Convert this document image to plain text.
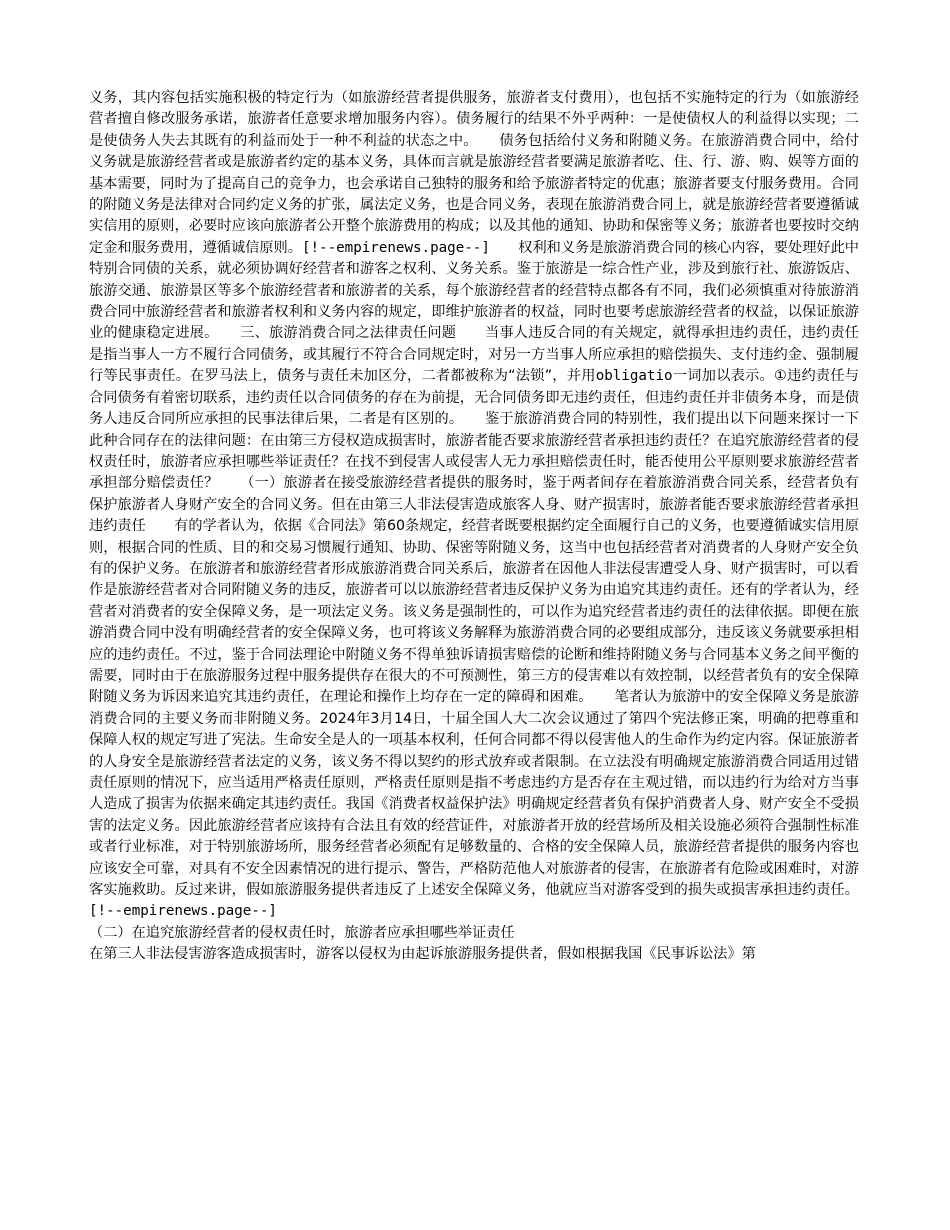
义务，其内容包括实施积极的特定行为（如旅游经营者提供服务，旅游者支付费用），也包括不实施特定的行为（如旅游经营者擅自修改服务承诺，旅游者任意要求增加服务内容）。债务履行的结果不外乎两种：一是使债权人的利益得以实现；二是使债务人失去其既有的利益而处于一种不利益的状态之中。　　债务包括给付义务和附随义务。在旅游消费合同中，给付义务就是旅游经营者或是旅游者约定的基本义务，具体而言就是旅游经营者要满足旅游者吃、住、行、游、购、娱等方面的基本需要，同时为了提高自己的竞争力，也会承诺自己独特的服务和给予旅游者特定的优惠；旅游者要支付服务费用。合同的附随义务是法律对合同约定义务的扩张，属法定义务，也是合同义务，表现在旅游消费合同上，就是旅游经营者要遵循诚实信用的原则，必要时应该向旅游者公开整个旅游费用的构成；以及其他的通知、协助和保密等义务；旅游者也要按时交纳定金和服务费用，遵循诚信原则。[!--empirenews.page--]　　权利和义务是旅游消费合同的核心内容，要处理好此中特别合同债的关系，就必须协调好经营者和游客之权利、义务关系。鉴于旅游是一综合性产业，涉及到旅行社、旅游饭店、旅游交通、旅游景区等多个旅游经营者和旅游者的关系，每个旅游经营者的经营特点都各有不同，我们必须慎重对待旅游消费合同中旅游经营者和旅游者权利和义务内容的规定，即维护旅游者的权益，同时也要考虑旅游经营者的权益，以保证旅游业的健康稳定进展。　　三、旅游消费合同之法律责任问题　　当事人违反合同的有关规定，就得承担违约责任，违约责任是指当事人一方不履行合同债务，或其履行不符合合同规定时，对另一方当事人所应承担的赔偿损失、支付违约金、强制履行等民事责任。在罗马法上，债务与责任未加区分，二者都被称为“法锁”，并用obligatio一词加以表示。①违约责任与合同债务有着密切联系，违约责任以合同债务的存在为前提，无合同债务即无违约责任，但违约责任并非债务本身，而是债务人违反合同所应承担的民事法律后果，二者是有区别的。　　鉴于旅游消费合同的特别性，我们提出以下问题来探讨一下此种合同存在的法律问题：在由第三方侵权造成损害时，旅游者能否要求旅游经营者承担违约责任？在追究旅游经营者的侵权责任时，旅游者应承担哪些举证责任？在找不到侵害人或侵害人无力承担赔偿责任时，能否使用公平原则要求旅游经营者承担部分赔偿责任？　　（一）旅游者在接受旅游经营者提供的服务时，鉴于两者间存在着旅游消费合同关系，经营者负有保护旅游者人身财产安全的合同义务。但在由第三人非法侵害造成旅客人身、财产损害时，旅游者能否要求旅游经营者承担违约责任　　有的学者认为，依据《合同法》第60条规定，经营者既要根据约定全面履行自己的义务，也要遵循诚实信用原则，根据合同的性质、目的和交易习惯履行通知、协助、保密等附随义务，这当中也包括经营者对消费者的人身财产安全负有的保护义务。在旅游者和旅游经营者形成旅游消费合同关系后，旅游者在因他人非法侵害遭受人身、财产损害时，可以看作是旅游经营者对合同附随义务的违反，旅游者可以以旅游经营者违反保护义务为由追究其违约责任。还有的学者认为，经营者对消费者的安全保障义务，是一项法定义务。该义务是强制性的，可以作为追究经营者违约责任的法律依据。即便在旅游消费合同中没有明确经营者的安全保障义务，也可将该义务解释为旅游消费合同的必要组成部分，违反该义务就要承担相应的违约责任。不过，鉴于合同法理论中附随义务不得单独诉请损害赔偿的论断和维持附随义务与合同基本义务之间平衡的需要，同时由于在旅游服务过程中服务提供存在很大的不可预测性，第三方的侵害难以有效控制，以经营者负有的安全保障附随义务为诉因来追究其违约责任，在理论和操作上均存在一定的障碍和困难。　　笔者认为旅游中的安全保障义务是旅游消费合同的主要义务而非附随义务。2024年3月14日，十届全国人大二次会议通过了第四个宪法修正案，明确的把尊重和保障人权的规定写进了宪法。生命安全是人的一项基本权利，任何合同都不得以侵害他人的生命作为约定内容。保证旅游者的人身安全是旅游经营者法定的义务，该义务不得以契约的形式放弃或者限制。在立法没有明确规定旅游消费合同适用过错责任原则的情况下，应当适用严格责任原则，严格责任原则是指不考虑违约方是否存在主观过错，而以违约行为给对方当事人造成了损害为依据来确定其违约责任。我国《消费者权益保护法》明确规定经营者负有保护消费者人身、财产安全不受损害的法定义务。因此旅游经营者应该持有合法且有效的经营证件，对旅游者开放的经营场所及相关设施必须符合强制性标准或者行业标准，对于特别旅游场所，服务经营者必须配有足够数量的、合格的安全保障人员，旅游经营者提供的服务内容也应该安全可靠，对具有不安全因素情况的进行提示、警告，严格防范他人对旅游者的侵害，在旅游者有危险或困难时，对游客实施救助。反过来讲，假如旅游服务提供者违反了上述安全保障义务，他就应当对游客受到的损失或损害承担违约责任。[!--empirenews.page--]

（二）在追究旅游经营者的侵权责任时，旅游者应承担哪些举证责任

在第三人非法侵害游客造成损害时，游客以侵权为由起诉旅游服务提供者，假如根据我国《民事诉讼法》第
